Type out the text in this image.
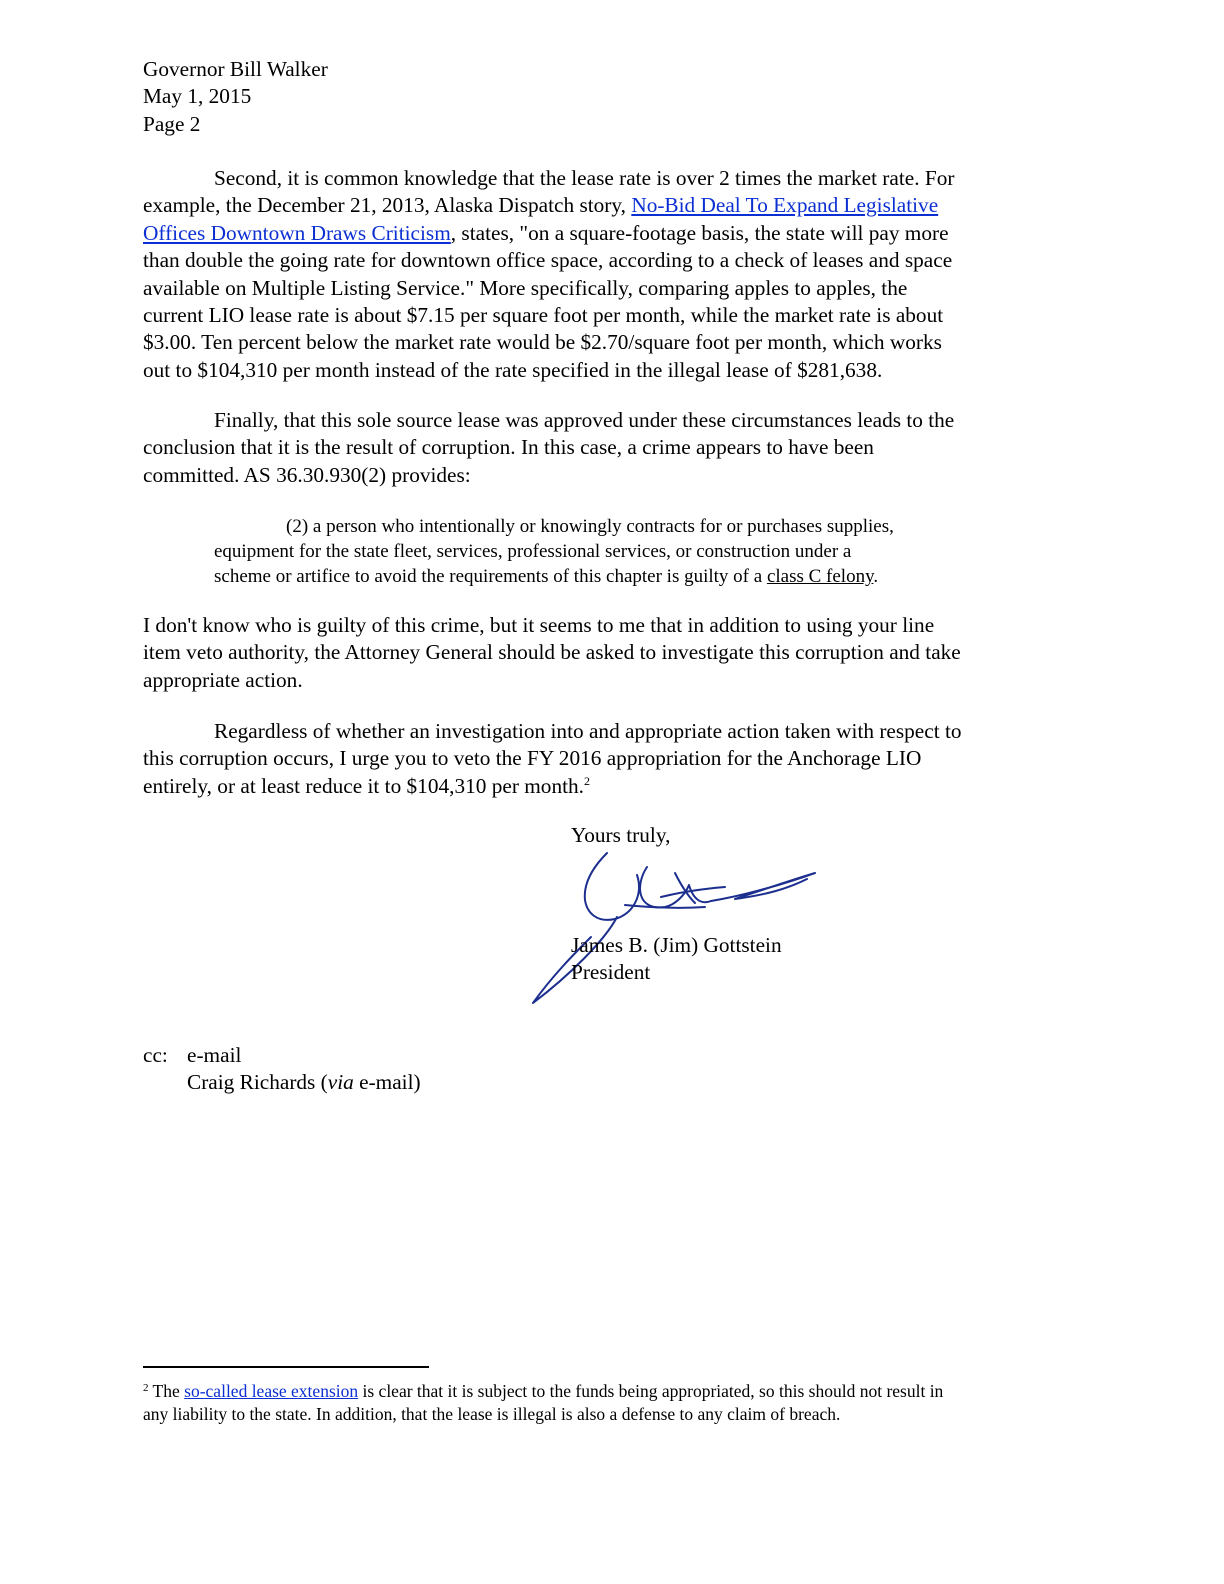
Governor Bill Walker
May 1, 2015
Page 2
Second, it is common knowledge that the lease rate is over 2 times the market rate. For
example, the December 21, 2013, Alaska Dispatch story, No-Bid Deal To Expand Legislative
Offices Downtown Draws Criticism, states, "on a square-footage basis, the state will pay more
than double the going rate for downtown office space, according to a check of leases and space
available on Multiple Listing Service." More specifically, comparing apples to apples, the
current LIO lease rate is about $7.15 per square foot per month, while the market rate is about
$3.00. Ten percent below the market rate would be $2.70/square foot per month, which works
out to $104,310 per month instead of the rate specified in the illegal lease of $281,638.
Finally, that this sole source lease was approved under these circumstances leads to the
conclusion that it is the result of corruption. In this case, a crime appears to have been
committed. AS 36.30.930(2) provides:
(2) a person who intentionally or knowingly contracts for or purchases supplies,
equipment for the state fleet, services, professional services, or construction under a
scheme or artifice to avoid the requirements of this chapter is guilty of a class C felony.
I don't know who is guilty of this crime, but it seems to me that in addition to using your line
item veto authority, the Attorney General should be asked to investigate this corruption and take
appropriate action.
Regardless of whether an investigation into and appropriate action taken with respect to
this corruption occurs, I urge you to veto the FY 2016 appropriation for the Anchorage LIO
entirely, or at least reduce it to $104,310 per month.$^2$
Yours truly,
James B. (Jim) Gottstein
President
cc: e-mail
Craig Richards (via e-mail)
$^2$ The so-called lease extension is clear that it is subject to the funds being appropriated, so this should not result in
any liability to the state. In addition, that the lease is illegal is also a defense to any claim of breach.
